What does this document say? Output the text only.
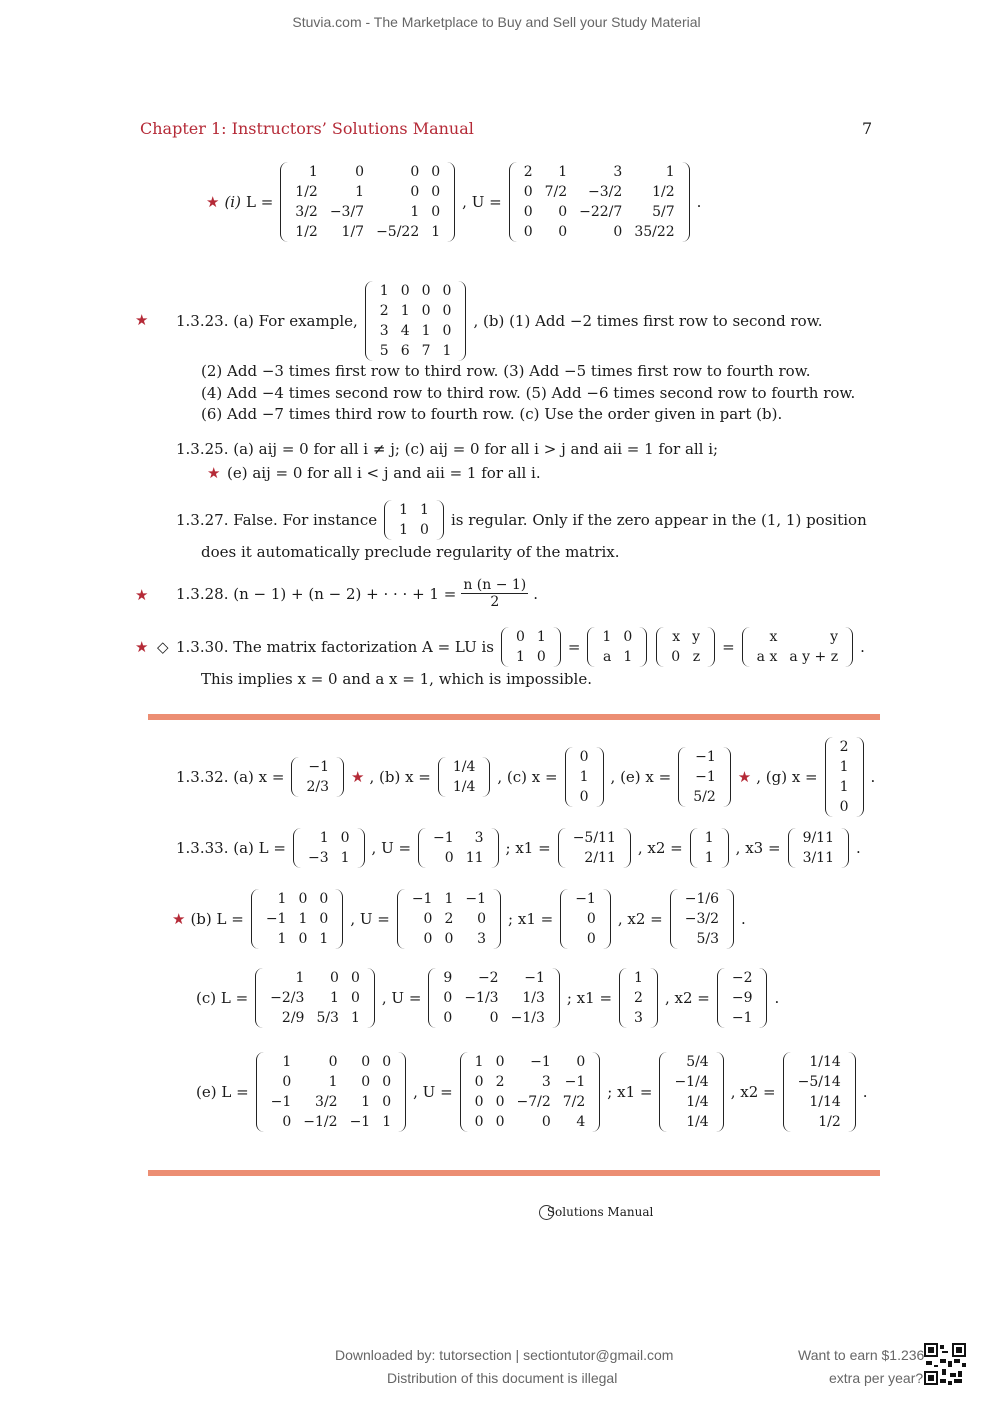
Stuvia.com - The Marketplace to Buy and Sell your Study Material
Chapter 1: Instructors’ Solutions Manual	7
★ (i) L =
1	0	0	0
1/2	1	0	0
3/2	−3/7	1	0
1/2	1/7	−5/22	1
, U =
2	1	3	1
0	7/2	−3/2	1/2
0	0	−22/7	5/7
0	0	0	35/22
.
★ 1.3.23. (a) For example,
1	0	0	0
2	1	0	0
3	4	1	0
5	6	7	1
, (b) (1) Add −2 times first row to second row.
(2) Add −3 times first row to third row. (3) Add −5 times first row to fourth row.
(4) Add −4 times second row to third row. (5) Add −6 times second row to fourth row.
(6) Add −7 times third row to fourth row. (c) Use the order given in part (b).
1.3.25. (a) aij = 0 for all i ≠ j; (c) aij = 0 for all i > j and aii = 1 for all i;
★ (e) aij = 0 for all i < j and aii = 1 for all i.
1.3.27. False. For instance
1	1
1	0
is regular. Only if the zero appear in the (1, 1) position
does it automatically preclude regularity of the matrix.
★ 1.3.28. (n − 1) + (n − 2) + · · · + $1 = \frac{n (n - 1)}{2}$ .
★ ◇ 1.3.30. The matrix factorization A = LU is
0	1
1	0
=
1	0
a	1
x	y
0	z
=
x	y
a x	a y + z
.
This implies x = 0 and a x = 1, which is impossible.
1.3.32. (a) x =
−1
2/3
★ , (b) x =
1/4
1/4
, (c) x =
0
1
0
, (e) x =
−1
−1
5/2
★ , (g) x =
2
1
1
0
.
1.3.33. (a) L =
1	0
−3	1
, U =
−1	3
0	11
; x1 =
−5/11
2/11
, x2 =
1
1
, x3 =
9/11
3/11
.
★ (b) L =
1	0	0
−1	1	0
1	0	1
, U =
−1	1	−1
0	2	0
0	0	3
; x1 =
−1
0
0
, x2 =
−1/6
−3/2
5/3
.
(c) L =
1	0	0
−2/3	1	0
2/9	5/3	1
, U =
9	−2	−1
0	−1/3	1/3
0	0	−1/3
; x1 =
1
2
3
, x2 =
−2
−9
−1
.
(e) L =
1	0	0	0
0	1	0	0
−1	3/2	1	0
0	−1/2	−1	1
, U =
1	0	−1	0
0	2	3	−1
0	0	−7/2	7/2
0	0	0	4
; x1 =
5/4
−1/4
1/4
1/4
, x2 =
1/14
−5/14
1/14
1/2
.
Solutions Manual
Downloaded by: tutorsection | sectiontutor@gmail.com
Distribution of this document is illegal
Want to earn $1.236
extra per year?
